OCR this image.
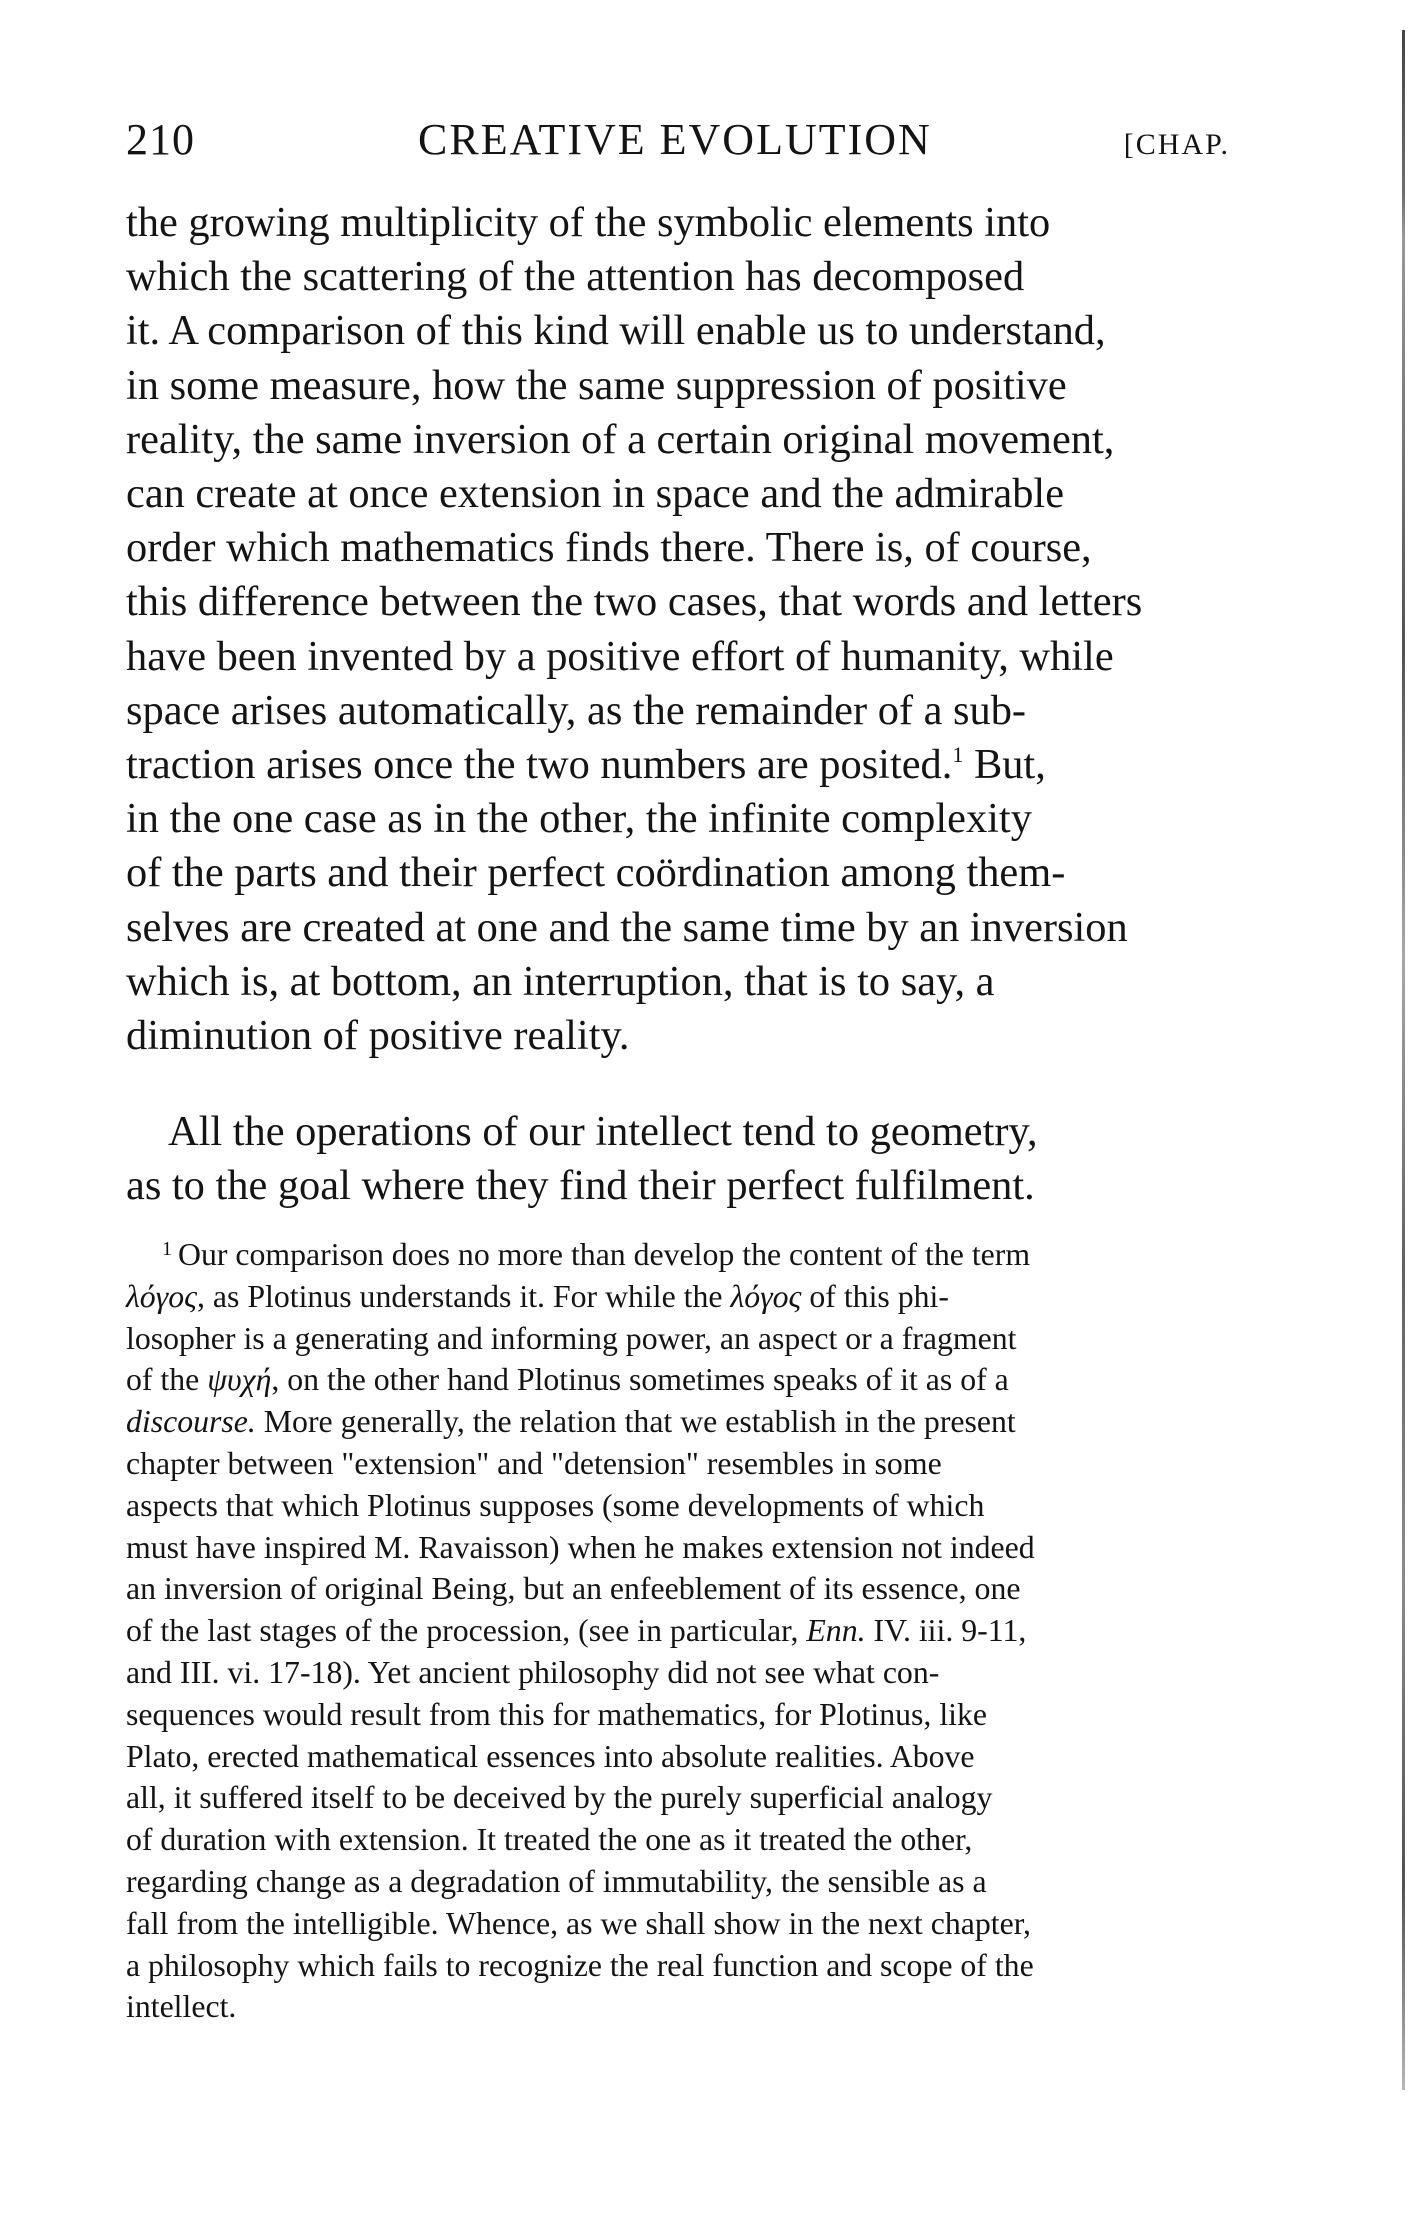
210	CREATIVE EVOLUTION	[CHAP.

the growing multiplicity of the symbolic elements into
which the scattering of the attention has decomposed
it. A comparison of this kind will enable us to understand,
in some measure, how the same suppression of positive
reality, the same inversion of a certain original movement,
can create at once extension in space and the admirable
order which mathematics finds there. There is, of course,
this difference between the two cases, that words and letters
have been invented by a positive effort of humanity, while
space arises automatically, as the remainder of a sub-
traction arises once the two numbers are posited.$^1$ But,
in the one case as in the other, the infinite complexity
of the parts and their perfect coördination among them-
selves are created at one and the same time by an inversion
which is, at bottom, an interruption, that is to say, a
diminution of positive reality.

All the operations of our intellect tend to geometry,
as to the goal where they find their perfect fulfilment.

$^1$ Our comparison does no more than develop the content of the term
λόγος, as Plotinus understands it. For while the λόγος of this phi-
losopher is a generating and informing power, an aspect or a fragment
of the ψυχή, on the other hand Plotinus sometimes speaks of it as of a
discourse. More generally, the relation that we establish in the present
chapter between "extension" and "detension" resembles in some
aspects that which Plotinus supposes (some developments of which
must have inspired M. Ravaisson) when he makes extension not indeed
an inversion of original Being, but an enfeeblement of its essence, one
of the last stages of the procession, (see in particular, Enn. IV. iii. 9-11,
and III. vi. 17-18). Yet ancient philosophy did not see what con-
sequences would result from this for mathematics, for Plotinus, like
Plato, erected mathematical essences into absolute realities. Above
all, it suffered itself to be deceived by the purely superficial analogy
of duration with extension. It treated the one as it treated the other,
regarding change as a degradation of immutability, the sensible as a
fall from the intelligible. Whence, as we shall show in the next chapter,
a philosophy which fails to recognize the real function and scope of the
intellect.
